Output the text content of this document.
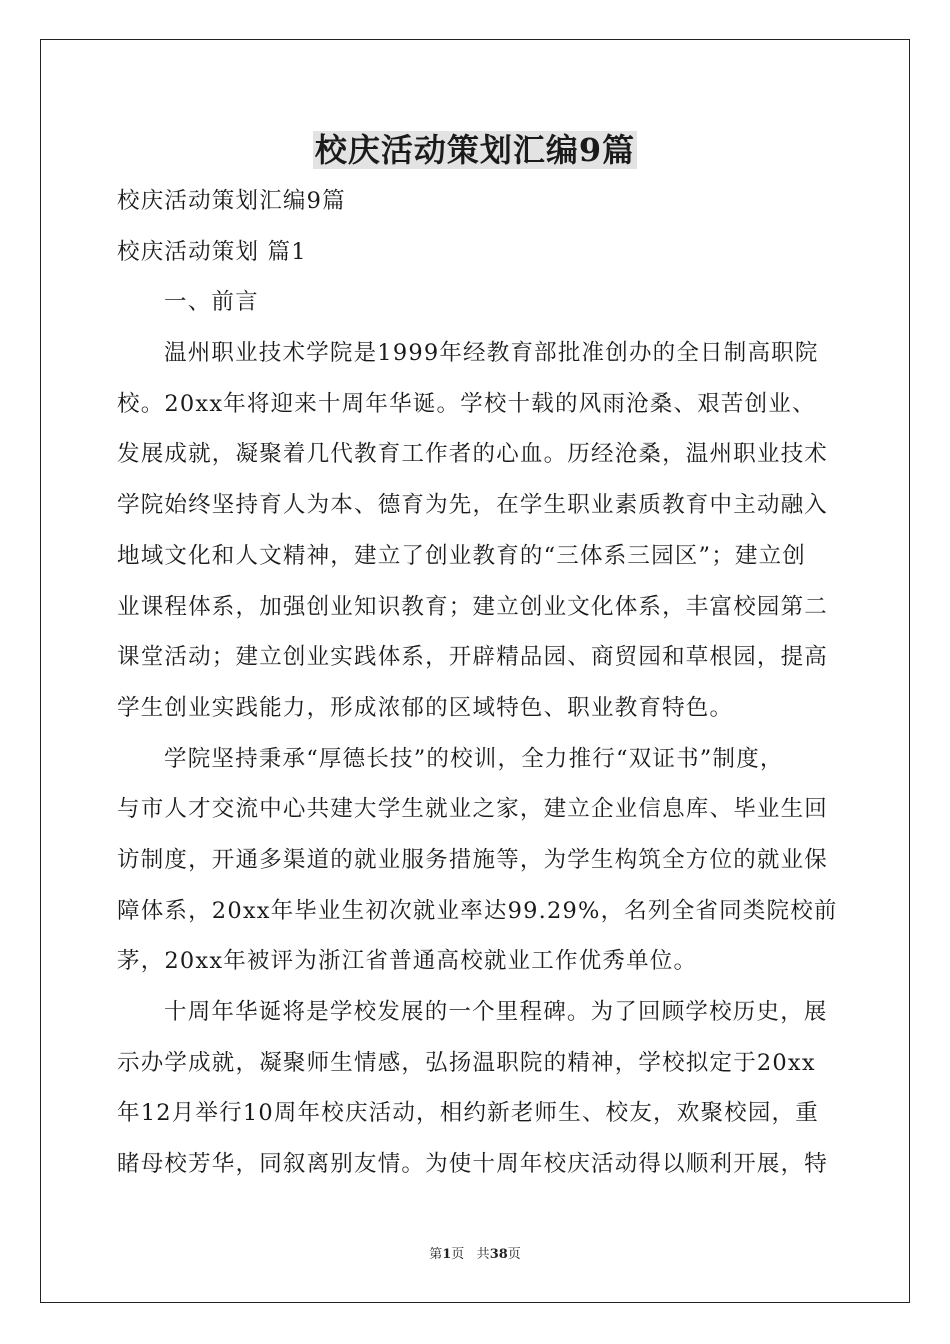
校庆活动策划汇编9篇
校庆活动策划汇编9篇
校庆活动策划 篇1
一、前言
温州职业技术学院是1999年经教育部批准创办的全日制高职院
校。20xx年将迎来十周年华诞。学校十载的风雨沧桑、艰苦创业、
发展成就，凝聚着几代教育工作者的心血。历经沧桑，温州职业技术
学院始终坚持育人为本、德育为先，在学生职业素质教育中主动融入
地域文化和人文精神，建立了创业教育的“三体系三园区”；建立创
业课程体系，加强创业知识教育；建立创业文化体系，丰富校园第二
课堂活动；建立创业实践体系，开辟精品园、商贸园和草根园，提高
学生创业实践能力，形成浓郁的区域特色、职业教育特色。
学院坚持秉承“厚德长技”的校训，全力推行“双证书”制度，
与市人才交流中心共建大学生就业之家，建立企业信息库、毕业生回
访制度，开通多渠道的就业服务措施等，为学生构筑全方位的就业保
障体系，20xx年毕业生初次就业率达99.29%，名列全省同类院校前
茅，20xx年被评为浙江省普通高校就业工作优秀单位。
十周年华诞将是学校发展的一个里程碑。为了回顾学校历史，展
示办学成就，凝聚师生情感，弘扬温职院的精神，学校拟定于20xx
年12月举行10周年校庆活动，相约新老师生、校友，欢聚校园，重
睹母校芳华，同叙离别友情。为使十周年校庆活动得以顺利开展，特
第1页 共38页
